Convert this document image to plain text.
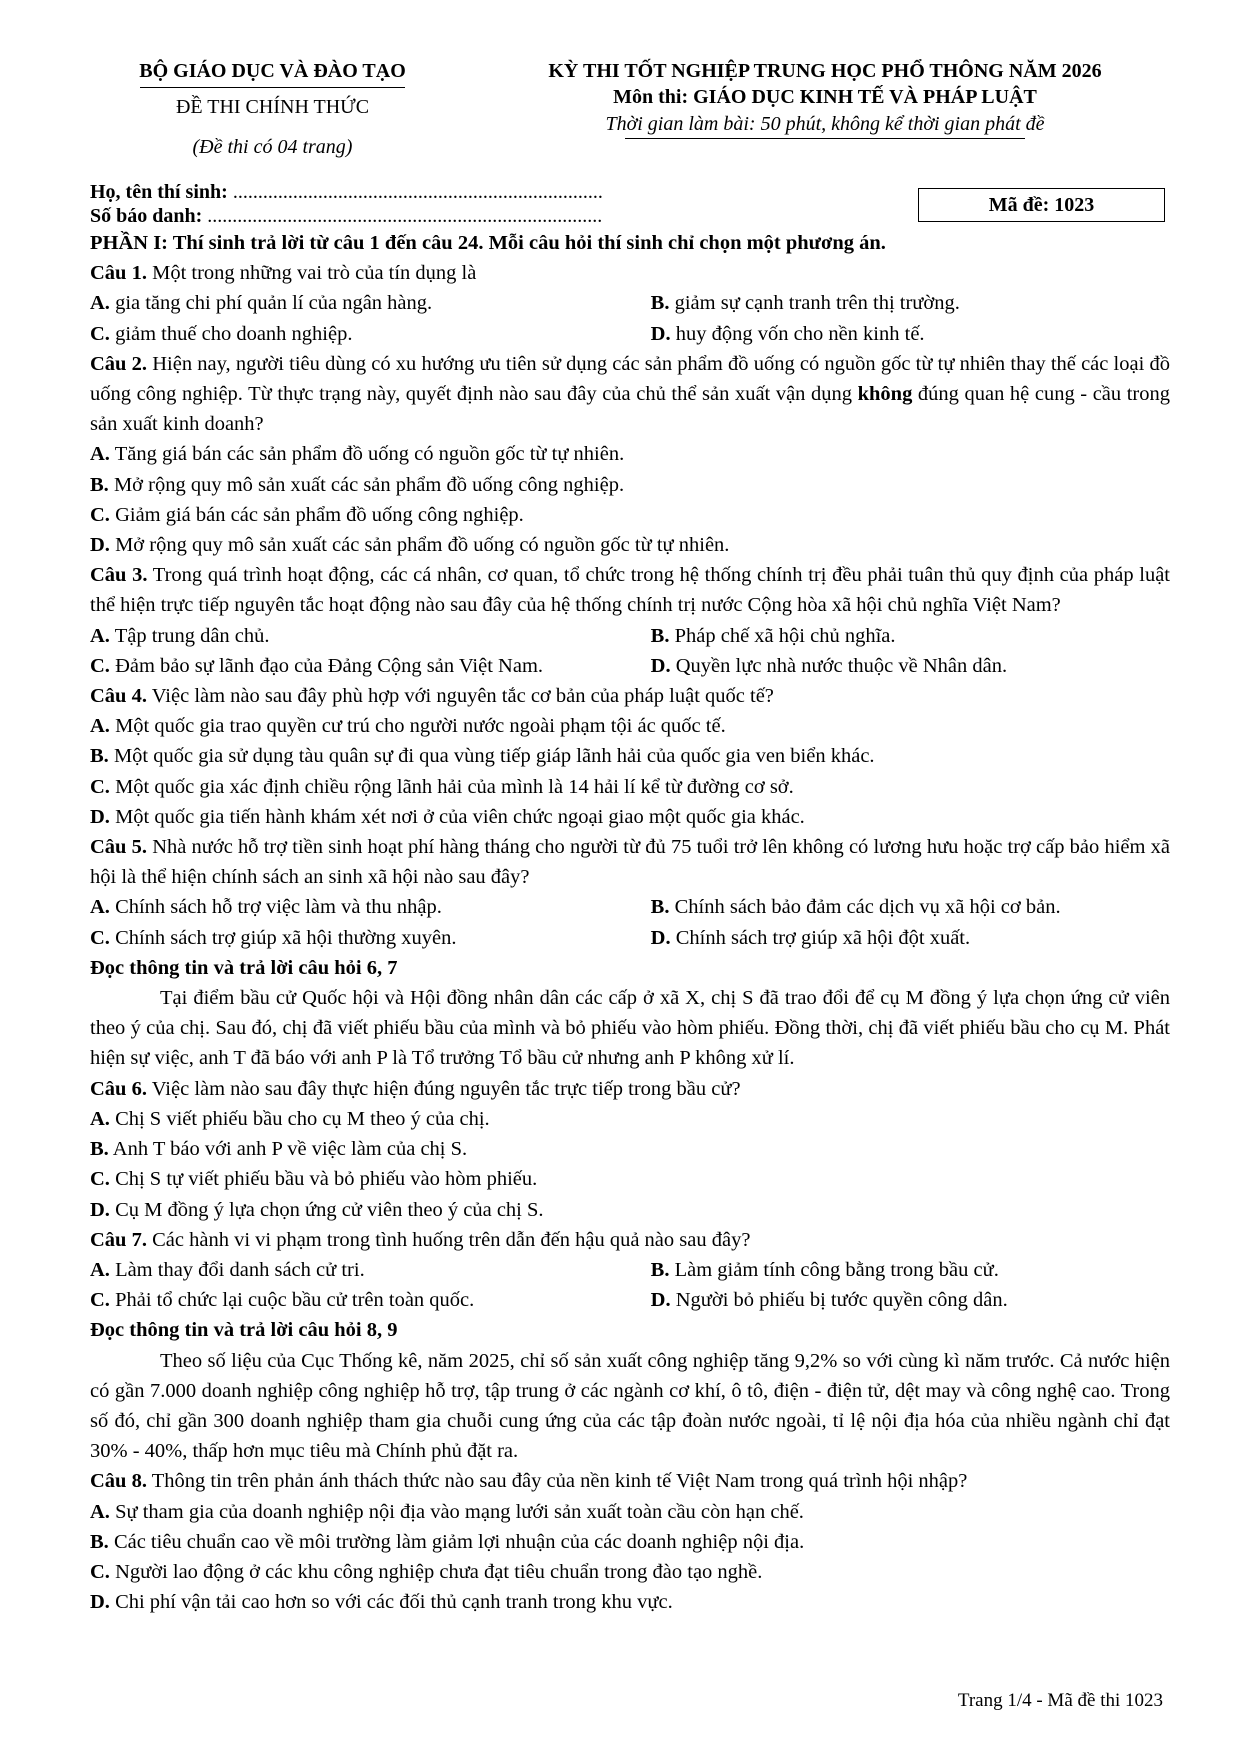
BỘ GIÁO DỤC VÀ ĐÀO TẠO
ĐỀ THI CHÍNH THỨC
(Đề thi có 04 trang)
KỲ THI TỐT NGHIỆP TRUNG HỌC PHỔ THÔNG NĂM 2026
Môn thi: GIÁO DỤC KINH TẾ VÀ PHÁP LUẬT
Thời gian làm bài: 50 phút, không kể thời gian phát đề
Họ, tên thí sinh: ..........................................................................
Số báo danh: ...............................................................................	Mã đề: 1023

PHẦN I: Thí sinh trả lời từ câu 1 đến câu 24. Mỗi câu hỏi thí sinh chỉ chọn một phương án.

Câu 1. Một trong những vai trò của tín dụng là

A. gia tăng chi phí quản lí của ngân hàng.	B. giảm sự cạnh tranh trên thị trường.
C. giảm thuế cho doanh nghiệp.	D. huy động vốn cho nền kinh tế.

Câu 2. Hiện nay, người tiêu dùng có xu hướng ưu tiên sử dụng các sản phẩm đồ uống có nguồn gốc từ tự nhiên thay thế các loại đồ uống công nghiệp. Từ thực trạng này, quyết định nào sau đây của chủ thể sản xuất vận dụng không đúng quan hệ cung - cầu trong sản xuất kinh doanh?

A. Tăng giá bán các sản phẩm đồ uống có nguồn gốc từ tự nhiên.

B. Mở rộng quy mô sản xuất các sản phẩm đồ uống công nghiệp.

C. Giảm giá bán các sản phẩm đồ uống công nghiệp.

D. Mở rộng quy mô sản xuất các sản phẩm đồ uống có nguồn gốc từ tự nhiên.

Câu 3. Trong quá trình hoạt động, các cá nhân, cơ quan, tổ chức trong hệ thống chính trị đều phải tuân thủ quy định của pháp luật thể hiện trực tiếp nguyên tắc hoạt động nào sau đây của hệ thống chính trị nước Cộng hòa xã hội chủ nghĩa Việt Nam?

A. Tập trung dân chủ.	B. Pháp chế xã hội chủ nghĩa.
C. Đảm bảo sự lãnh đạo của Đảng Cộng sản Việt Nam.	D. Quyền lực nhà nước thuộc về Nhân dân.

Câu 4. Việc làm nào sau đây phù hợp với nguyên tắc cơ bản của pháp luật quốc tế?

A. Một quốc gia trao quyền cư trú cho người nước ngoài phạm tội ác quốc tế.

B. Một quốc gia sử dụng tàu quân sự đi qua vùng tiếp giáp lãnh hải của quốc gia ven biển khác.

C. Một quốc gia xác định chiều rộng lãnh hải của mình là 14 hải lí kể từ đường cơ sở.

D. Một quốc gia tiến hành khám xét nơi ở của viên chức ngoại giao một quốc gia khác.

Câu 5. Nhà nước hỗ trợ tiền sinh hoạt phí hàng tháng cho người từ đủ 75 tuổi trở lên không có lương hưu hoặc trợ cấp bảo hiểm xã hội là thể hiện chính sách an sinh xã hội nào sau đây?

A. Chính sách hỗ trợ việc làm và thu nhập.	B. Chính sách bảo đảm các dịch vụ xã hội cơ bản.
C. Chính sách trợ giúp xã hội thường xuyên.	D. Chính sách trợ giúp xã hội đột xuất.

Đọc thông tin và trả lời câu hỏi 6, 7

Tại điểm bầu cử Quốc hội và Hội đồng nhân dân các cấp ở xã X, chị S đã trao đổi để cụ M đồng ý lựa chọn ứng cử viên theo ý của chị. Sau đó, chị đã viết phiếu bầu của mình và bỏ phiếu vào hòm phiếu. Đồng thời, chị đã viết phiếu bầu cho cụ M. Phát hiện sự việc, anh T đã báo với anh P là Tổ trưởng Tổ bầu cử nhưng anh P không xử lí.

Câu 6. Việc làm nào sau đây thực hiện đúng nguyên tắc trực tiếp trong bầu cử?

A. Chị S viết phiếu bầu cho cụ M theo ý của chị.

B. Anh T báo với anh P về việc làm của chị S.

C. Chị S tự viết phiếu bầu và bỏ phiếu vào hòm phiếu.

D. Cụ M đồng ý lựa chọn ứng cử viên theo ý của chị S.

Câu 7. Các hành vi vi phạm trong tình huống trên dẫn đến hậu quả nào sau đây?

A. Làm thay đổi danh sách cử tri.	B. Làm giảm tính công bằng trong bầu cử.
C. Phải tổ chức lại cuộc bầu cử trên toàn quốc.	D. Người bỏ phiếu bị tước quyền công dân.

Đọc thông tin và trả lời câu hỏi 8, 9

Theo số liệu của Cục Thống kê, năm 2025, chỉ số sản xuất công nghiệp tăng 9,2% so với cùng kì năm trước. Cả nước hiện có gần 7.000 doanh nghiệp công nghiệp hỗ trợ, tập trung ở các ngành cơ khí, ô tô, điện - điện tử, dệt may và công nghệ cao. Trong số đó, chỉ gần 300 doanh nghiệp tham gia chuỗi cung ứng của các tập đoàn nước ngoài, tỉ lệ nội địa hóa của nhiều ngành chỉ đạt 30% - 40%, thấp hơn mục tiêu mà Chính phủ đặt ra.

Câu 8. Thông tin trên phản ánh thách thức nào sau đây của nền kinh tế Việt Nam trong quá trình hội nhập?

A. Sự tham gia của doanh nghiệp nội địa vào mạng lưới sản xuất toàn cầu còn hạn chế.

B. Các tiêu chuẩn cao về môi trường làm giảm lợi nhuận của các doanh nghiệp nội địa.

C. Người lao động ở các khu công nghiệp chưa đạt tiêu chuẩn trong đào tạo nghề.

D. Chi phí vận tải cao hơn so với các đối thủ cạnh tranh trong khu vực.

Trang 1/4 - Mã đề thi 1023
